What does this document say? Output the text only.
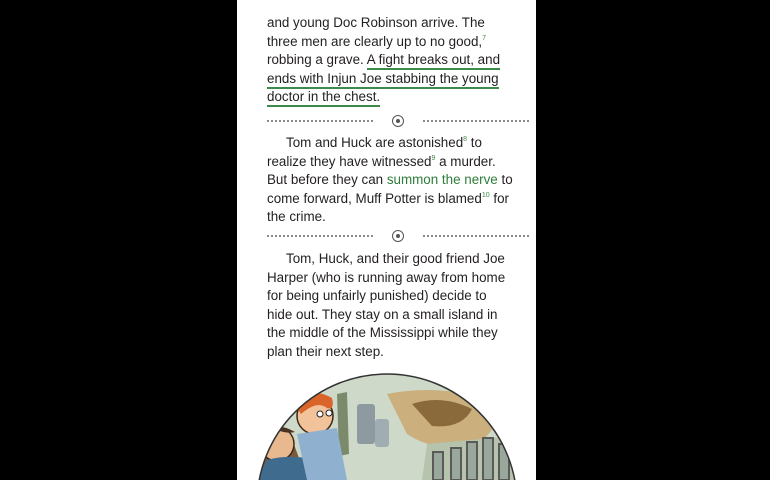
and young Doc Robinson arrive. The
three men are clearly up to no good,$^7$
robbing a grave. A fight breaks out, and
ends with Injun Joe stabbing the young
doctor in the chest.

Tom and Huck are astonished$^8$ to
realize they have witnessed$^9$ a murder.
But before they can summon the nerve to
come forward, Muff Potter is blamed$^{10}$ for
the crime.

Tom, Huck, and their good friend Joe
Harper (who is running away from home
for being unfairly punished) decide to
hide out. They stay on a small island in
the middle of the Mississippi while they
plan their next step.
